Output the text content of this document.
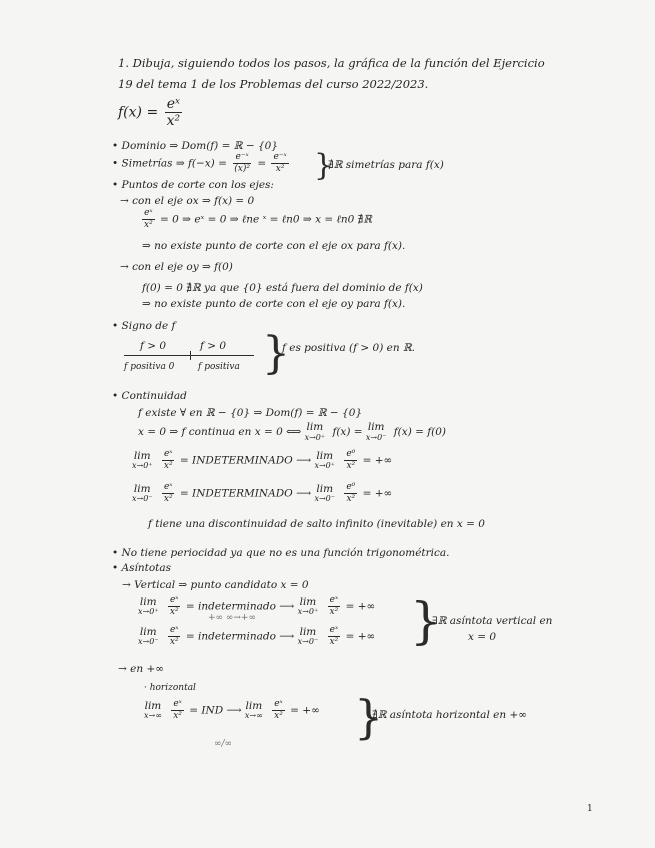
1. Dibuja, siguiendo todos los pasos, la gráfica de la función del Ejercicio
19 del tema 1 de los Problemas del curso 2022/2023.
$f(x) = \frac{\text{eˣ}}{\text{x²}}$
• Dominio ⇒ Dom(f) = ℝ − {0}
• Simetrías ⇒ $f(-x) = \frac{\text{e⁻ˣ}}{\text{(x)²}} = \frac{\text{e⁻ˣ}}{\text{x²}}$ }
∄ℝ simetrías para f(x)
• Puntos de corte con los ejes:
→ con el eje ox ⇒ f(x) = 0
$\frac{\text{eˣ}}{\text{x²}} = 0$ ⇒ eˣ = 0 ⇒ ℓne ˣ = ℓn0 ⇒ x = ℓn0 ∄ℝ
⇒ no existe punto de corte con el eje ox para f(x).
→ con el eje oy ⇒ f(0)
f(0) = 0 ∄ℝ ya que {0} está fuera del dominio de f(x)
⇒ no existe punto de corte con el eje oy para f(x).
• Signo de f
f > 0	f > 0
f positiva 0	f positiva }
f es positiva (f > 0) en ℝ.
• Continuidad
f existe ∀ en ℝ − {0} ⇒ Dom(f) = ℝ − {0}
x = 0 ⇒ f continua en x = 0 ⟺ lim
x→0⁺ f(x) = lim
x→0⁻ f(x) = f(0)
lim
x→0⁺
$\frac{\text{eˣ}}{\text{x²}}$ = INDETERMINADO ⟶ lim
x→0⁺
$\frac{\text{e⁰}}{\text{x²}}$ = +∞
lim
x→0⁻
$\frac{\text{eˣ}}{\text{x²}}$ = INDETERMINADO ⟶ lim
x→0⁻
$\frac{\text{e⁰}}{\text{x²}}$ = +∞
f tiene una discontinuidad de salto infinito (inevitable) en x = 0
• No tiene periocidad ya que no es una función trigonométrica.
• Asíntotas
→ Vertical ⇒ punto candidato x = 0
lim
x→0⁺
$\frac{\text{eˣ}}{\text{x²}}$ = indeterminado ⟶ lim
x→0⁺
$\frac{\text{eˣ}}{\text{x²}}$ = +∞
+∞ ∞→+∞
lim
x→0⁻
$\frac{\text{eˣ}}{\text{x²}}$ = indeterminado ⟶ lim
x→0⁻
$\frac{\text{eˣ}}{\text{x²}}$ = +∞ }
∃ℝ asíntota vertical en
x = 0
→ en +∞
· horizontal
lim
x→∞
$\frac{\text{eˣ}}{\text{x²}}$ = IND ⟶ lim
x→∞
$\frac{\text{eˣ}}{\text{x²}}$ = +∞
∞/∞	}
∄ℝ asíntota horizontal en +∞
1
